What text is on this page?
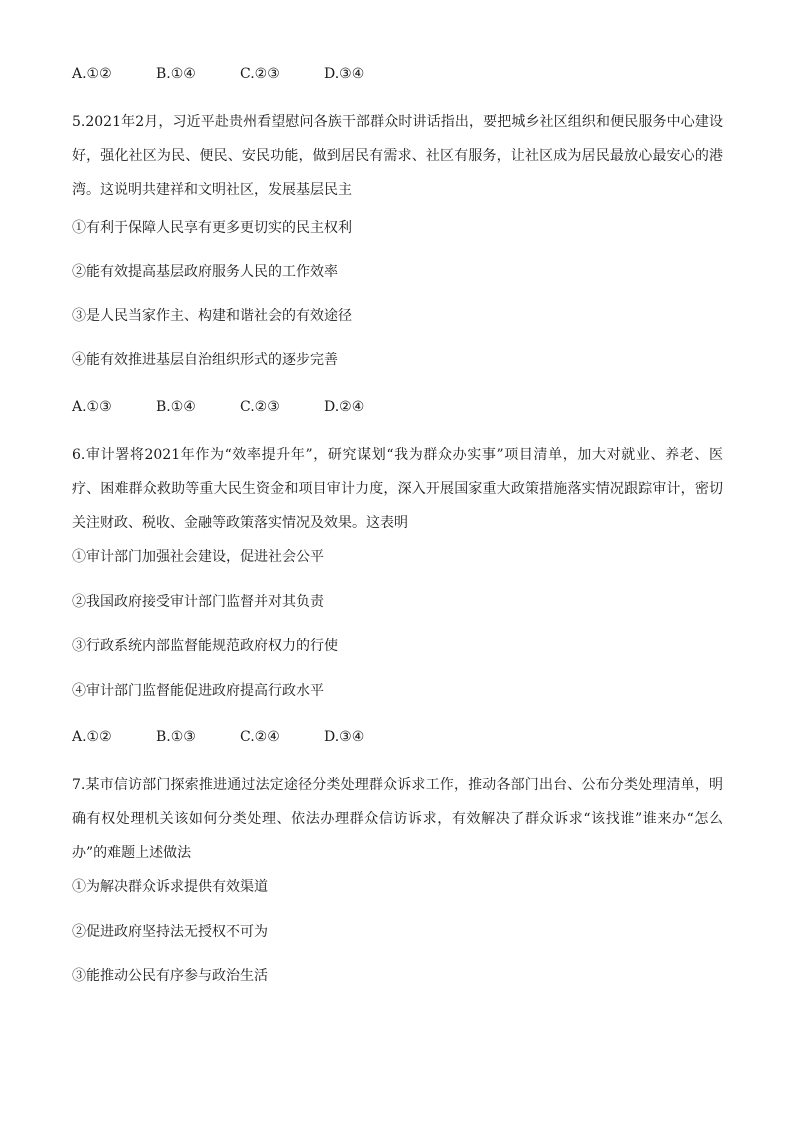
A.①②	B.①④	C.②③	D.③④
5.2021年2月，习近平赴贵州看望慰问各族干部群众时讲话指出，要把城乡社区组织和便民服务中心建设好，强化社区为民、便民、安民功能，做到居民有需求、社区有服务，让社区成为居民最放心最安心的港湾。这说明共建祥和文明社区，发展基层民主
①有利于保障人民享有更多更切实的民主权利
②能有效提高基层政府服务人民的工作效率
③是人民当家作主、构建和谐社会的有效途径
④能有效推进基层自治组织形式的逐步完善
A.①③	B.①④	C.②③	D.②④
6.审计署将2021年作为“效率提升年”，研究谋划“我为群众办实事”项目清单，加大对就业、养老、医疗、困难群众救助等重大民生资金和项目审计力度，深入开展国家重大政策措施落实情况跟踪审计，密切关注财政、税收、金融等政策落实情况及效果。这表明
①审计部门加强社会建设，促进社会公平
②我国政府接受审计部门监督并对其负责
③行政系统内部监督能规范政府权力的行使
④审计部门监督能促进政府提高行政水平
A.①②	B.①③	C.②④	D.③④
7.某市信访部门探索推进通过法定途径分类处理群众诉求工作，推动各部门出台、公布分类处理清单，明确有权处理机关该如何分类处理、依法办理群众信访诉求，有效解决了群众诉求“该找谁”谁来办“怎么办”的难题上述做法
①为解决群众诉求提供有效渠道
②促进政府坚持法无授权不可为
③能推动公民有序参与政治生活
